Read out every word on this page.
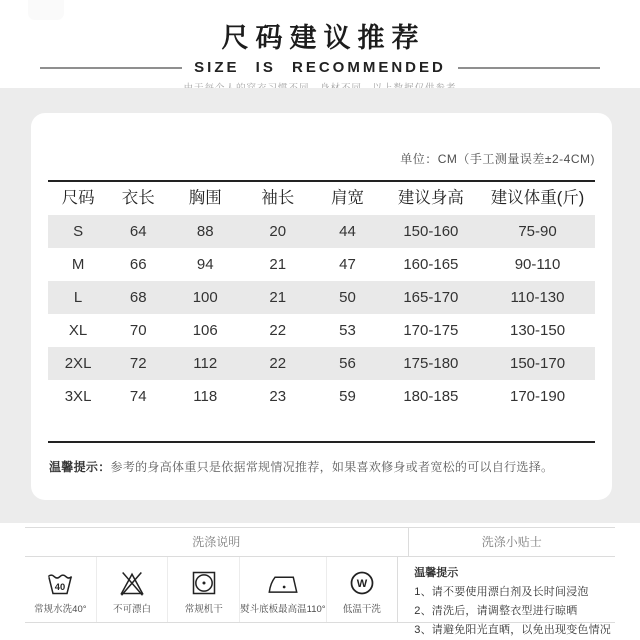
尺码建议推荐
SIZE IS RECOMMENDED
单位：CM（手工测量误差±2-4CM)
尺码	衣长	胸围	袖长	肩宽	建议身高	建议体重(斤)
S	64	88	20	44	150-160	75-90
M	66	94	21	47	160-165	90-110
L	68	100	21	50	165-170	110-130
XL	70	106	22	53	170-175	130-150
2XL	72	112	22	56	175-180	150-170
3XL	74	118	23	59	180-185	170-190
温馨提示：参考的身高体重只是依据常规情况推荐，如果喜欢修身或者宽松的可以自行选择。
洗涤说明	洗涤小贴士
40
常规水洗40°	不可漂白	常规机干 熨斗底板最高温110°
W
低温干洗
温馨提示
1、请不要使用漂白剂及长时间浸泡
2、清洗后，请调整衣型进行晾晒
3、请避免阳光直晒，以免出现变色情况
